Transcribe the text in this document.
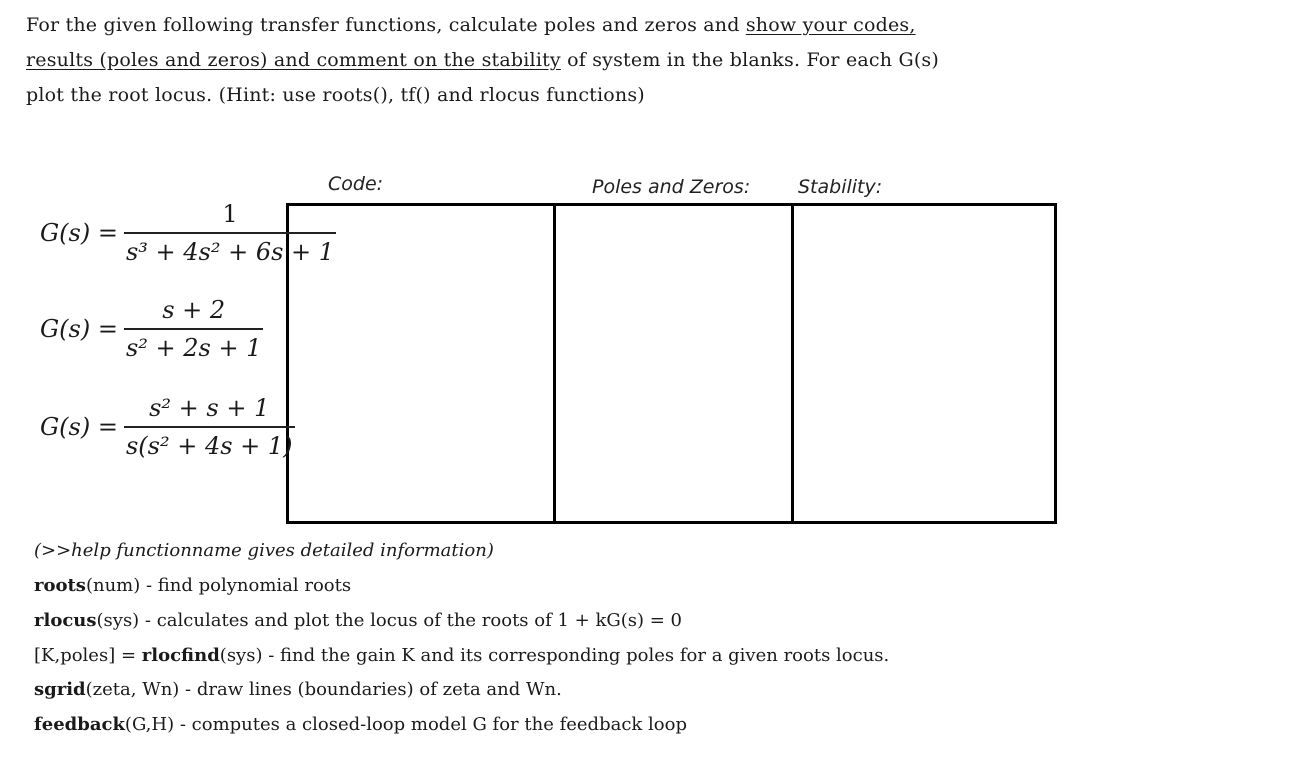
For the given following transfer functions, calculate poles and zeros and show your codes, results (poles and zeros) and comment on the stability of system in the blanks. For each G(s) plot the root locus. (Hint: use roots(), tf() and rlocus functions)
Code:	Poles and Zeros:	Stability:
$G(s) = \frac{1}{\text{s³ + 4s² + 6s + 1}}$
$G(s) = \frac{s + 2}{\text{s² + 2s + 1}}$
$G(s) = \frac{\text{s² + s + 1}}{\text{s(s² + 4s + 1)}}$
(>>help functionname gives detailed information)
roots(num) - find polynomial roots
rlocus(sys) - calculates and plot the locus of the roots of 1 + kG(s) = 0
[K,poles] = rlocfind(sys) - find the gain K and its corresponding poles for a given roots locus.
sgrid(zeta, Wn) - draw lines (boundaries) of zeta and Wn.
feedback(G,H) - computes a closed-loop model G for the feedback loop
